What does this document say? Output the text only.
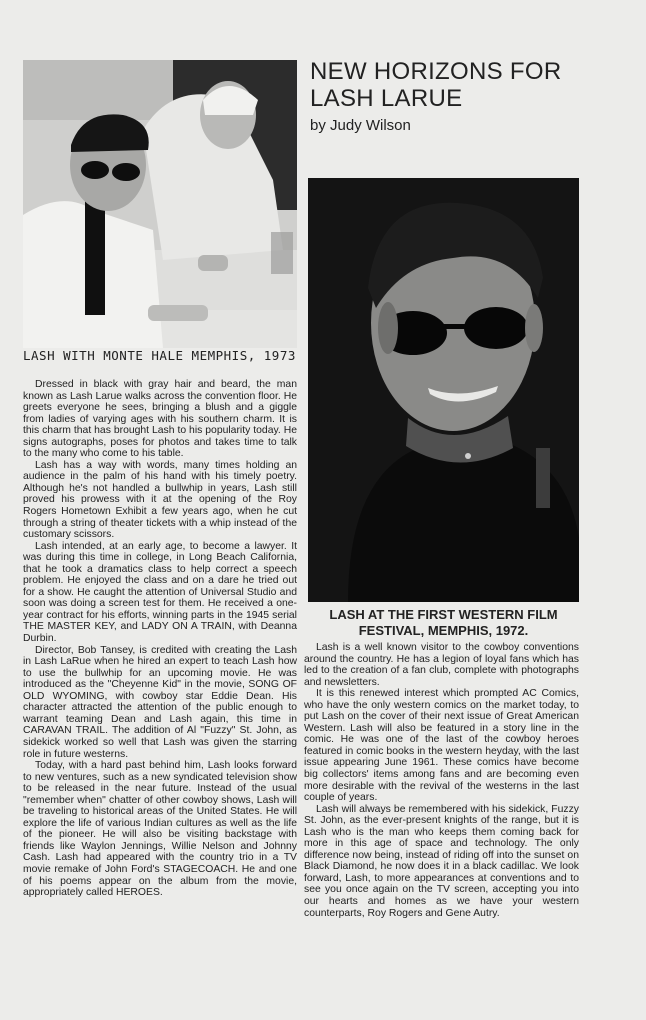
NEW HORIZONS FOR LASH LARUE
by Judy Wilson
LASH WITH MONTE HALE MEMPHIS, 1973
LASH AT THE FIRST WESTERN FILM FESTIVAL, MEMPHIS, 1972.

Dressed in black with gray hair and beard, the man known as Lash Larue walks across the convention floor. He greets everyone he sees, bringing a blush and a giggle from ladies of varying ages with his southern charm. It is this charm that has brought Lash to his popularity today. He signs autographs, poses for photos and takes time to talk to the many who come to his table.

Lash has a way with words, many times holding an audience in the palm of his hand with his timely poetry. Although he's not handled a bullwhip in years, Lash still proved his prowess with it at the opening of the Roy Rogers Hometown Exhibit a few years ago, when he cut through a string of theater tickets with a whip instead of the customary scissors.

Lash intended, at an early age, to become a lawyer. It was during this time in college, in Long Beach California, that he took a dramatics class to help correct a speech problem. He enjoyed the class and on a dare he tried out for a show. He caught the attention of Universal Studio and soon was doing a screen test for them. He received a one-year contract for his efforts, winning parts in the 1945 serial THE MASTER KEY, and LADY ON A TRAIN, with Deanna Durbin.

Director, Bob Tansey, is credited with creating the Lash in Lash LaRue when he hired an expert to teach Lash how to use the bullwhip for an upcoming movie. He was introduced as the "Cheyenne Kid" in the movie, SONG OF OLD WYOMING, with cowboy star Eddie Dean. His character attracted the attention of the public enough to warrant teaming Dean and Lash again, this time in CARAVAN TRAIL. The addition of Al "Fuzzy" St. John, as sidekick worked so well that Lash was given the starring role in future westerns.

Today, with a hard past behind him, Lash looks forward to new ventures, such as a new syndicated television show to be released in the near future. Instead of the usual "remember when" chatter of other cowboy shows, Lash will be traveling to historical areas of the United States. He will explore the life of various Indian cultures as well as the life of the pioneer. He will also be visiting backstage with friends like Waylon Jennings, Willie Nelson and Johnny Cash. Lash had appeared with the country trio in a TV movie remake of John Ford's STAGECOACH. He and one of his poems appear on the album from the movie, appropriately called HEROES.

Lash is a well known visitor to the cowboy conventions around the country. He has a legion of loyal fans which has led to the creation of a fan club, complete with photographs and newsletters.

It is this renewed interest which prompted AC Comics, who have the only western comics on the market today, to put Lash on the cover of their next issue of Great American Western. Lash will also be featured in a story line in the comic. He was one of the last of the cowboy heroes featured in comic books in the western heyday, with the last issue appearing June 1961. These comics have become big collectors' items among fans and are becoming even more desirable with the revival of the westerns in the last couple of years.

Lash will always be remembered with his sidekick, Fuzzy St. John, as the ever-present knights of the range, but it is Lash who is the man who keeps them coming back for more in this age of space and technology. The only difference now being, instead of riding off into the sunset on Black Diamond, he now does it in a black cadillac. We look forward, Lash, to more appearances at conventions and to see you once again on the TV screen, accepting you into our hearts and homes as we have your western counterparts, Roy Rogers and Gene Autry.
